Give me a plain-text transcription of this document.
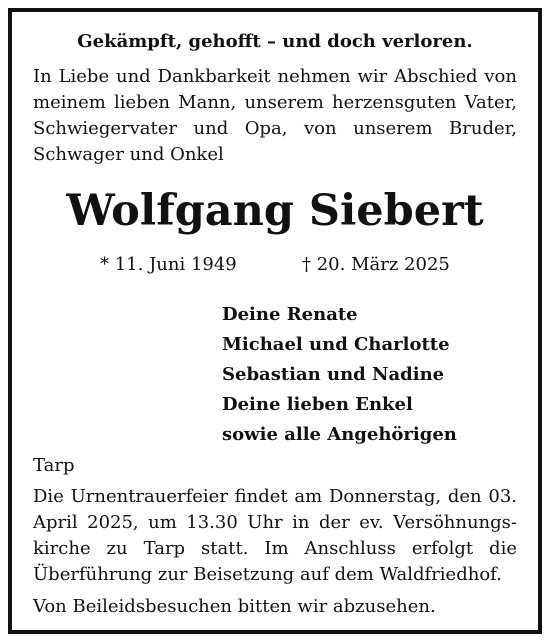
Gekämpft, gehofft – und doch verloren.
In Liebe und Dankbarkeit nehmen wir Abschied von
meinem lieben Mann, unserem herzensguten Vater,
Schwiegervater und Opa, von unserem Bruder,
Schwager und Onkel
Wolfgang Siebert
* 11. Juni 1949	† 20. März 2025
Deine Renate
Michael und Charlotte
Sebastian und Nadine
Deine lieben Enkel
sowie alle Angehörigen
Tarp
Die Urnentrauerfeier findet am Donnerstag, den 03.
April 2025, um 13.30 Uhr in der ev. Versöhnungs-
kirche zu Tarp statt. Im Anschluss erfolgt die
Überführung zur Beisetzung auf dem Waldfriedhof.
Von Beileidsbesuchen bitten wir abzusehen.
